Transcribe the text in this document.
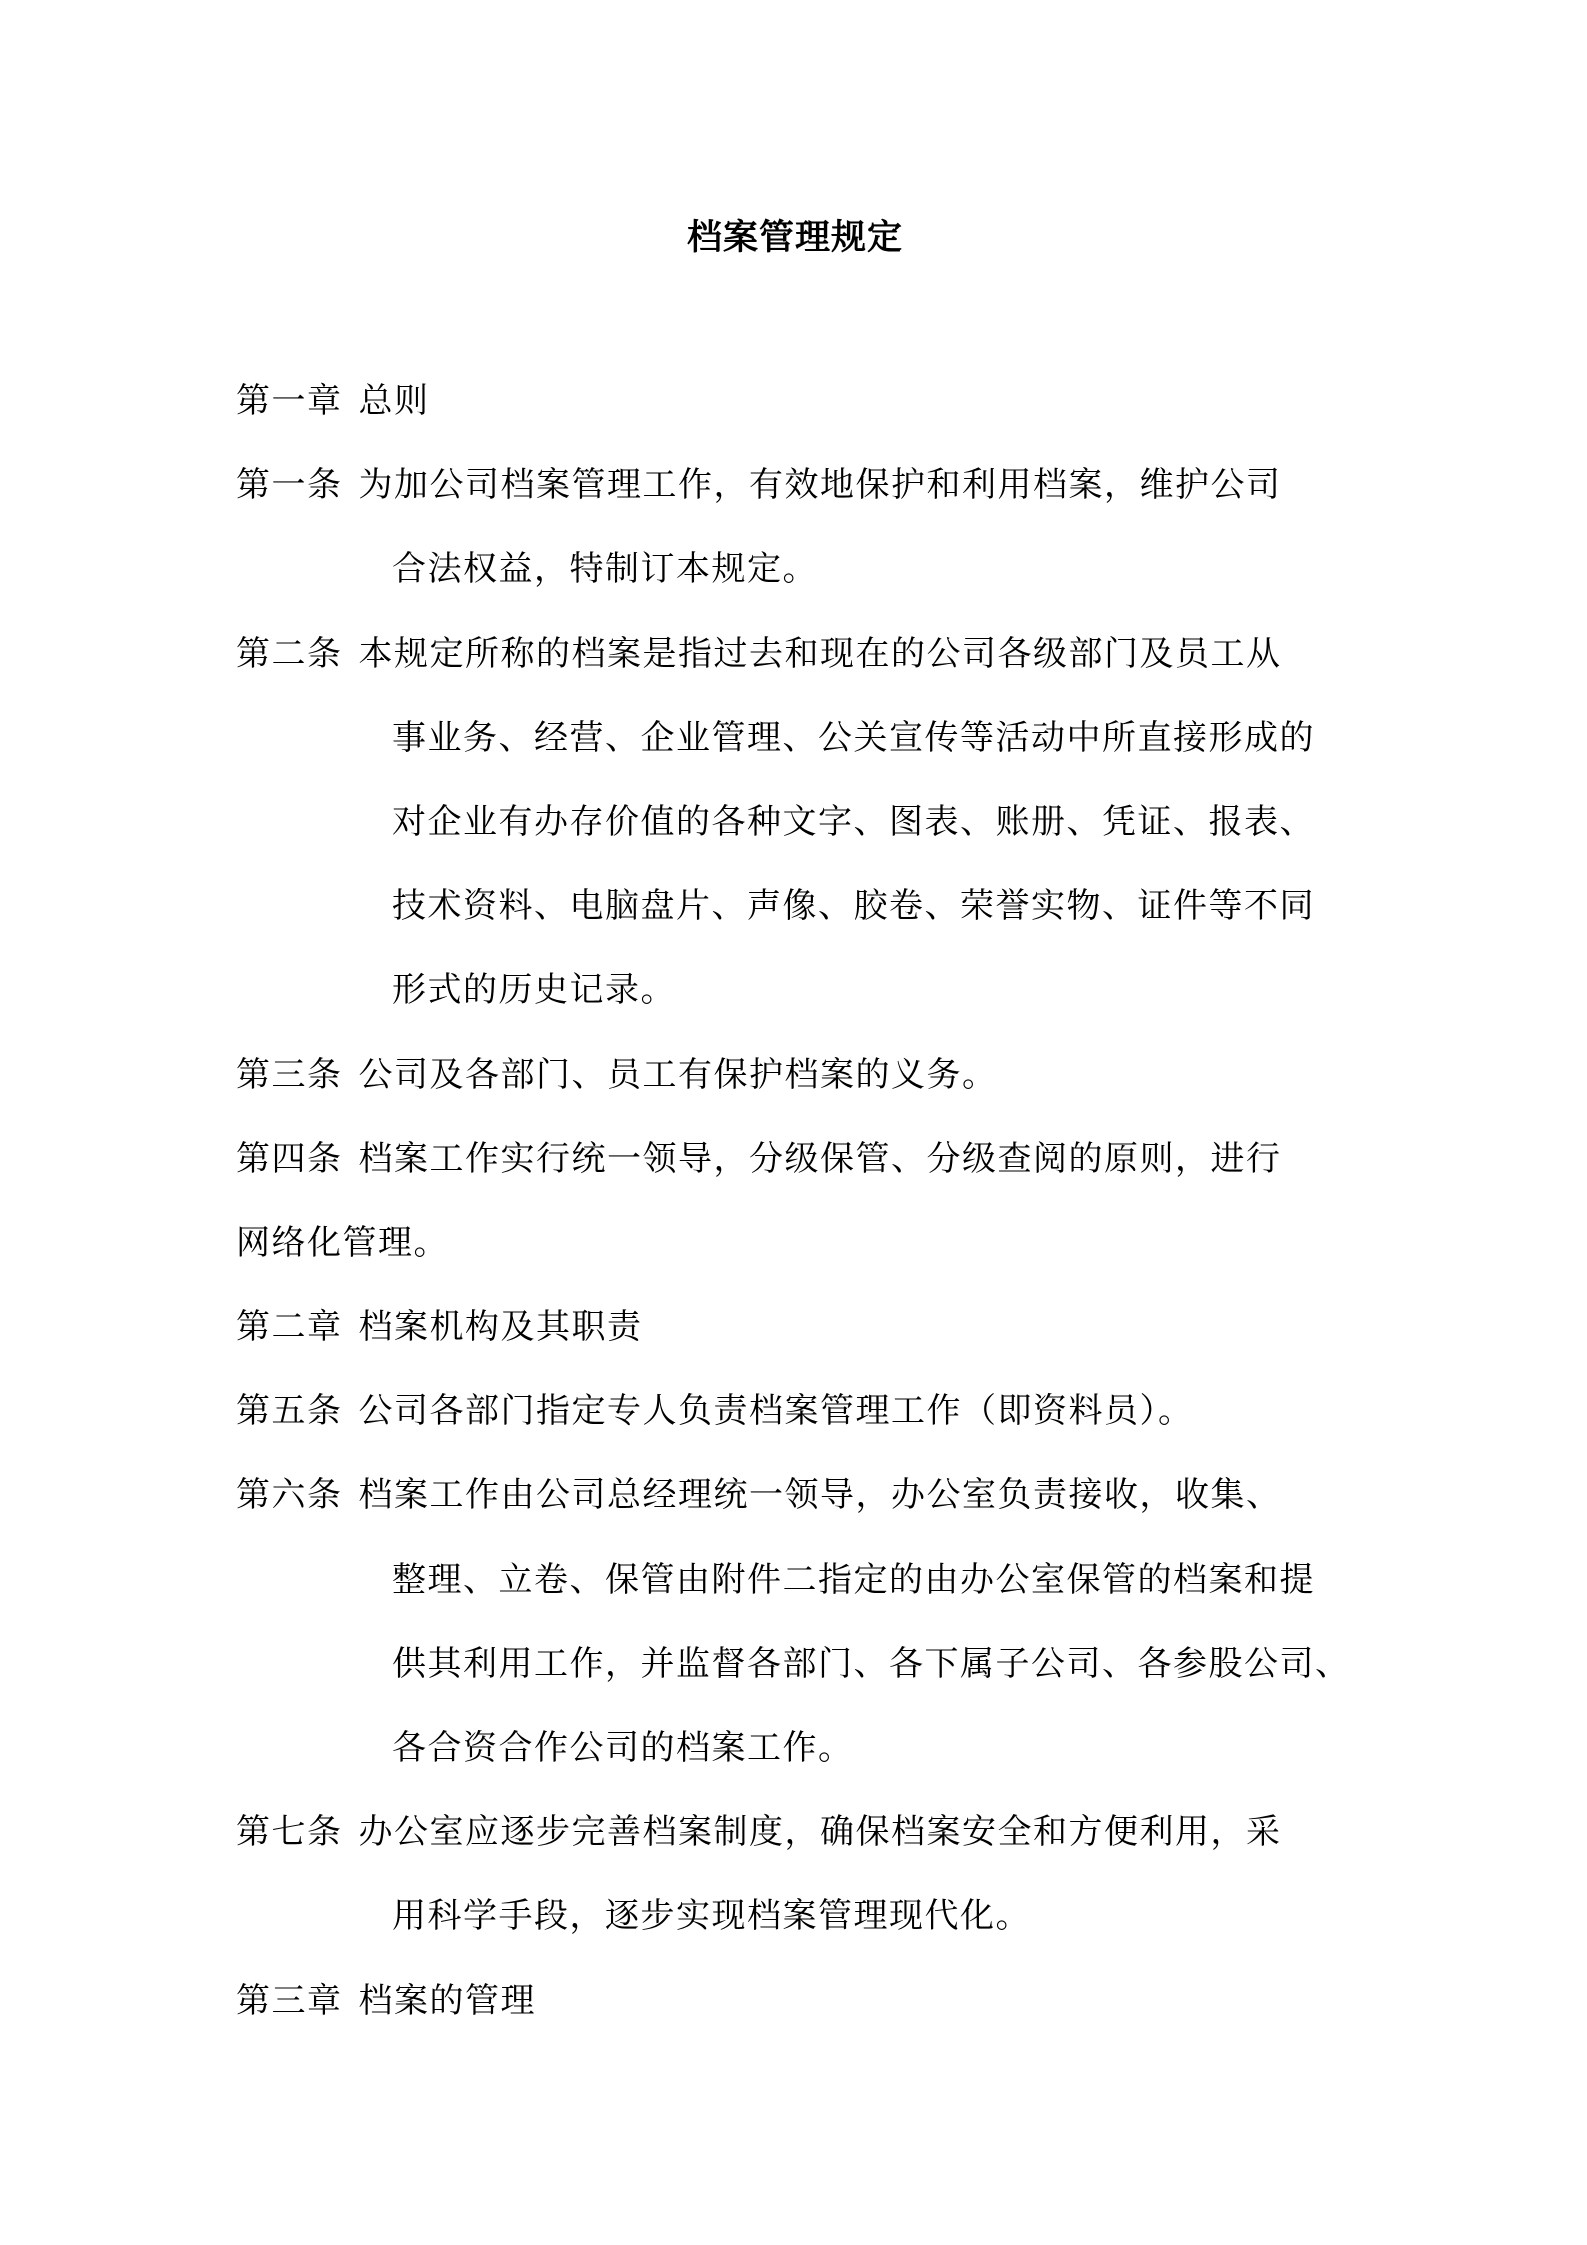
档案管理规定
第一章 总则
第一条 为加公司档案管理工作，有效地保护和利用档案，维护公司
合法权益，特制订本规定。
第二条 本规定所称的档案是指过去和现在的公司各级部门及员工从
事业务、经营、企业管理、公关宣传等活动中所直接形成的
对企业有办存价值的各种文字、图表、账册、凭证、报表、
技术资料、电脑盘片、声像、胶卷、荣誉实物、证件等不同
形式的历史记录。
第三条 公司及各部门、员工有保护档案的义务。
第四条 档案工作实行统一领导，分级保管、分级查阅的原则，进行
网络化管理。
第二章 档案机构及其职责
第五条 公司各部门指定专人负责档案管理工作（即资料员）。
第六条 档案工作由公司总经理统一领导，办公室负责接收，收集、
整理、立卷、保管由附件二指定的由办公室保管的档案和提
供其利用工作，并监督各部门、各下属子公司、各参股公司、
各合资合作公司的档案工作。
第七条 办公室应逐步完善档案制度，确保档案安全和方便利用，采
用科学手段，逐步实现档案管理现代化。
第三章 档案的管理
